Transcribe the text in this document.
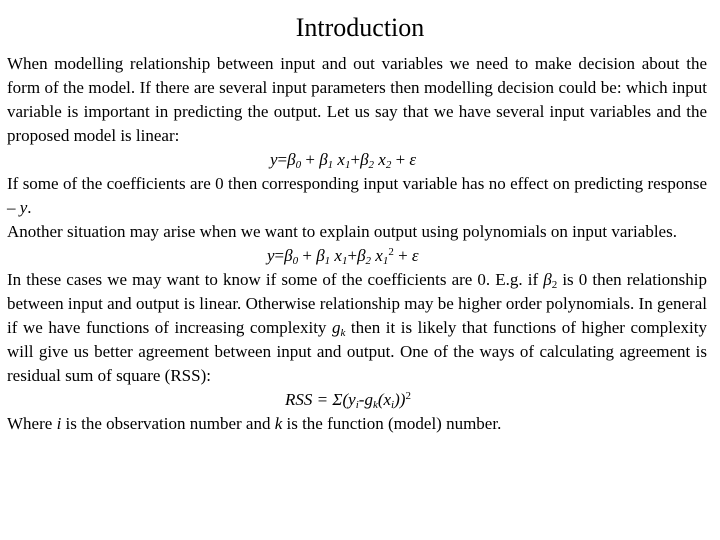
Introduction

When modelling relationship between input and out variables we need to make decision about the form of the model. If there are several input parameters then modelling decision could be: which input variable is important in predicting the output. Let us say that we have several input variables and the proposed model is linear:

$y=\beta_0 + \beta_1$ $x_1+\beta_2$ $x_2 + \varepsilon$

If some of the coefficients are 0 then corresponding input variable has no effect on predicting response – y.

Another situation may arise when we want to explain output using polynomials on input variables.

$y=\beta_0 + \beta_1$ $x_1+\beta_2$ $x_1^2 + \varepsilon$

In these cases we may want to know if some of the coefficients are 0. E.g. if $\beta_2$ is 0 then relationship between input and output is linear. Otherwise relationship may be higher order polynomials. In general if we have functions of increasing complexity $g_k$ then it is likely that functions of higher complexity will give us better agreement between input and output. One of the ways of calculating agreement is residual sum of square (RSS):

RSS = $\Sigma(y_i-g_k(x_i))^2$

Where i is the observation number and k is the function (model) number.
